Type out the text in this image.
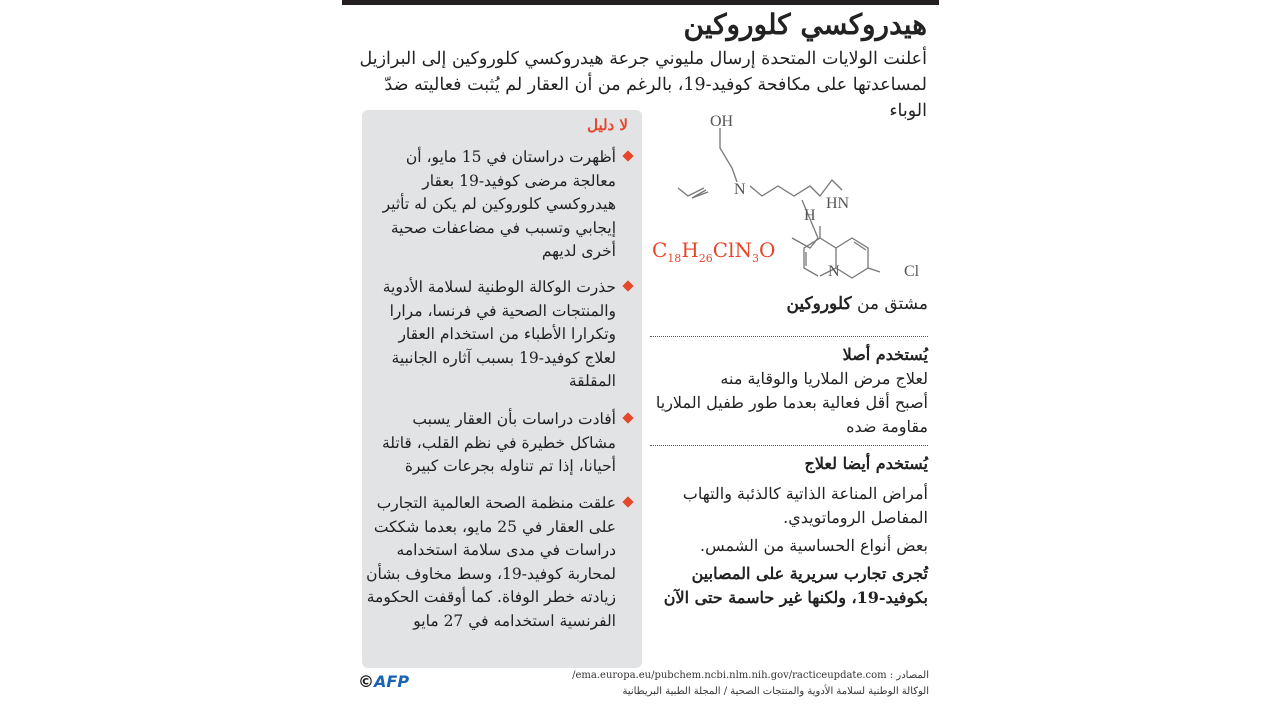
هيدروكسي كلوروكين
أعلنت الولايات المتحدة إرسال مليوني جرعة هيدروكسي كلوروكين إلى البرازيل لمساعدتها على مكافحة كوفيد-19، بالرغم من أن العقار لم يُثبت فعاليته ضدّ الوباء
لا دليل
أظهرت دراستان في 15 مايو، أن معالجة مرضى كوفيد-19 بعقار هيدروكسي كلوروكين لم يكن له تأثير إيجابي وتسبب في مضاعفات صحية أخرى لديهم
حذرت الوكالة الوطنية لسلامة الأدوية والمنتجات الصحية في فرنسا، مرارا وتكرارا الأطباء من استخدام العقار لعلاج كوفيد-19 بسبب آثاره الجانبية المقلقة
أفادت دراسات بأن العقار يسبب مشاكل خطيرة في نظم القلب، قاتلة أحيانا، إذا تم تناوله بجرعات كبيرة
علقت منظمة الصحة العالمية التجارب على العقار في 25 مايو، بعدما شككت دراسات في مدى سلامة استخدامه لمحاربة كوفيد-19، وسط مخاوف بشأن زيادته خطر الوفاة. كما أوقفت الحكومة الفرنسية استخدامه في 27 مايو
OH
N
H
HN
N	Cl
$C_{18}H_{26}ClN_3O$
مشتق من كلوروكين
يُستخدم أصلا
لعلاج مرض الملاريا والوقاية منه
أصبح أقل فعالية بعدما طور طفيل الملاريا مقاومة ضده
يُستخدم أيضا لعلاج
أمراض المناعة الذاتية كالذئبة والتهاب المفاصل الروماتويدي.
بعض أنواع الحساسية من الشمس.
تُجرى تجارب سريرية على المصابين بكوفيد-19، ولكنها غير حاسمة حتى الآن
المصادر : ema.europa.eu/pubchem.ncbi.nlm.nih.gov/racticeupdate.com/
الوكالة الوطنية لسلامة الأدوية والمنتجات الصحية / المجلة الطبية البريطانية
©AFP
